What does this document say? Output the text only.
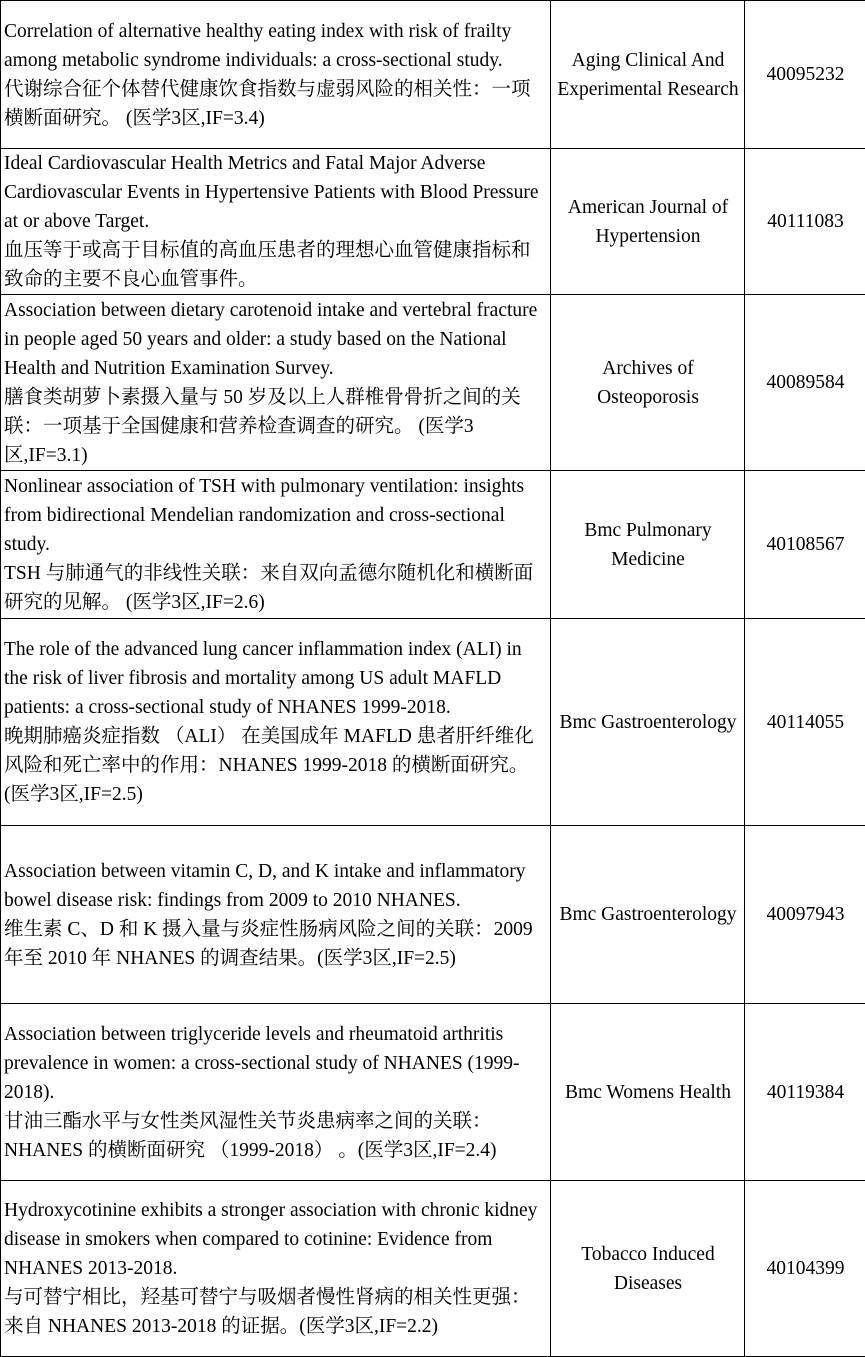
Correlation of alternative healthy eating index with risk of frailty among metabolic syndrome individuals: a cross-sectional study.
代谢综合征个体替代健康饮食指数与虚弱风险的相关性：一项横断面研究。 (医学3区,IF=3.4)	Aging Clinical And Experimental Research	40095232

Ideal Cardiovascular Health Metrics and Fatal Major Adverse Cardiovascular Events in Hypertensive Patients with Blood Pressure at or above Target.
血压等于或高于目标值的高血压患者的理想心血管健康指标和致命的主要不良心血管事件。	American Journal of Hypertension	40111083

Association between dietary carotenoid intake and vertebral fracture in people aged 50 years and older: a study based on the National Health and Nutrition Examination Survey.
膳食类胡萝卜素摄入量与 50 岁及以上人群椎骨骨折之间的关联：一项基于全国健康和营养检查调查的研究。 (医学3区,IF=3.1)	Archives of Osteoporosis	40089584

Nonlinear association of TSH with pulmonary ventilation: insights from bidirectional Mendelian randomization and cross-sectional study.
TSH 与肺通气的非线性关联：来自双向孟德尔随机化和横断面研究的见解。 (医学3区,IF=2.6)	Bmc Pulmonary Medicine	40108567

The role of the advanced lung cancer inflammation index (ALI) in the risk of liver fibrosis and mortality among US adult MAFLD patients: a cross-sectional study of NHANES 1999-2018.
晚期肺癌炎症指数 （ALI） 在美国成年 MAFLD 患者肝纤维化风险和死亡率中的作用：NHANES 1999-2018 的横断面研究。(医学3区,IF=2.5)	Bmc Gastroenterology	40114055

Association between vitamin C, D, and K intake and inflammatory bowel disease risk: findings from 2009 to 2010 NHANES.
维生素 C、D 和 K 摄入量与炎症性肠病风险之间的关联：2009 年至 2010 年 NHANES 的调查结果。(医学3区,IF=2.5)	Bmc Gastroenterology	40097943

Association between triglyceride levels and rheumatoid arthritis prevalence in women: a cross-sectional study of NHANES (1999-2018).
甘油三酯水平与女性类风湿性关节炎患病率之间的关联：NHANES 的横断面研究 （1999-2018） 。(医学3区,IF=2.4)	Bmc Womens Health	40119384

Hydroxycotinine exhibits a stronger association with chronic kidney disease in smokers when compared to cotinine: Evidence from NHANES 2013-2018.
与可替宁相比，羟基可替宁与吸烟者慢性肾病的相关性更强：来自 NHANES 2013-2018 的证据。(医学3区,IF=2.2)	Tobacco Induced Diseases	40104399
